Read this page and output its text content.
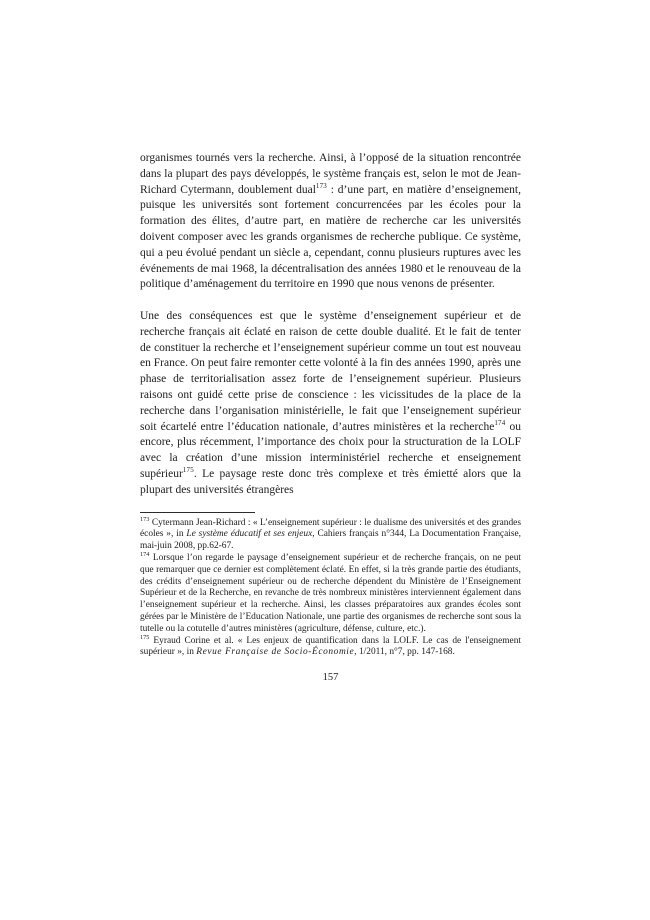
organismes tournés vers la recherche. Ainsi, à l’opposé de la situation rencontrée dans la plupart des pays développés, le système français est, selon le mot de Jean-Richard Cytermann, doublement dual$^{173}$ : d’une part, en matière d’enseignement, puisque les universités sont fortement concurrencées par les écoles pour la formation des élites, d’autre part, en matière de recherche car les universités doivent composer avec les grands organismes de recherche publique. Ce système, qui a peu évolué pendant un siècle a, cependant, connu plusieurs ruptures avec les événements de mai 1968, la décentralisation des années 1980 et le renouveau de la politique d’aménagement du territoire en 1990 que nous venons de présenter.

Une des conséquences est que le système d’enseignement supérieur et de recherche français ait éclaté en raison de cette double dualité. Et le fait de tenter de constituer la recherche et l’enseignement supérieur comme un tout est nouveau en France. On peut faire remonter cette volonté à la fin des années 1990, après une phase de territorialisation assez forte de l’enseignement supérieur. Plusieurs raisons ont guidé cette prise de conscience : les vicissitudes de la place de la recherche dans l’organisation ministérielle, le fait que l’enseignement supérieur soit écartelé entre l’éducation nationale, d’autres ministères et la recherche$^{174}$ ou encore, plus récemment, l’importance des choix pour la structuration de la LOLF avec la création d’une mission interministériel recherche et enseignement supérieur$^{175}$. Le paysage reste donc très complexe et très émietté alors que la plupart des universités étrangères

$^{173}$ Cytermann Jean-Richard : « L’enseignement supérieur : le dualisme des universités et des grandes écoles », in Le système éducatif et ses enjeux, Cahiers français n°344, La Documentation Française, mai-juin 2008, pp.62-67.

$^{174}$ Lorsque l’on regarde le paysage d’enseignement supérieur et de recherche français, on ne peut que remarquer que ce dernier est complètement éclaté. En effet, si la très grande partie des étudiants, des crédits d’enseignement supérieur ou de recherche dépendent du Ministère de l’Enseignement Supérieur et de la Recherche, en revanche de très nombreux ministères interviennent également dans l’enseignement supérieur et la recherche. Ainsi, les classes préparatoires aux grandes écoles sont gérées par le Ministère de l’Education Nationale, une partie des organismes de recherche sont sous la tutelle ou la cotutelle d’autres ministères (agriculture, défense, culture, etc.).

$^{175}$ Eyraud Corine et al. « Les enjeux de quantification dans la LOLF. Le cas de l'enseignement supérieur », in Revue Française de Socio-Économie, 1/2011, n°7, pp. 147-168.

157
